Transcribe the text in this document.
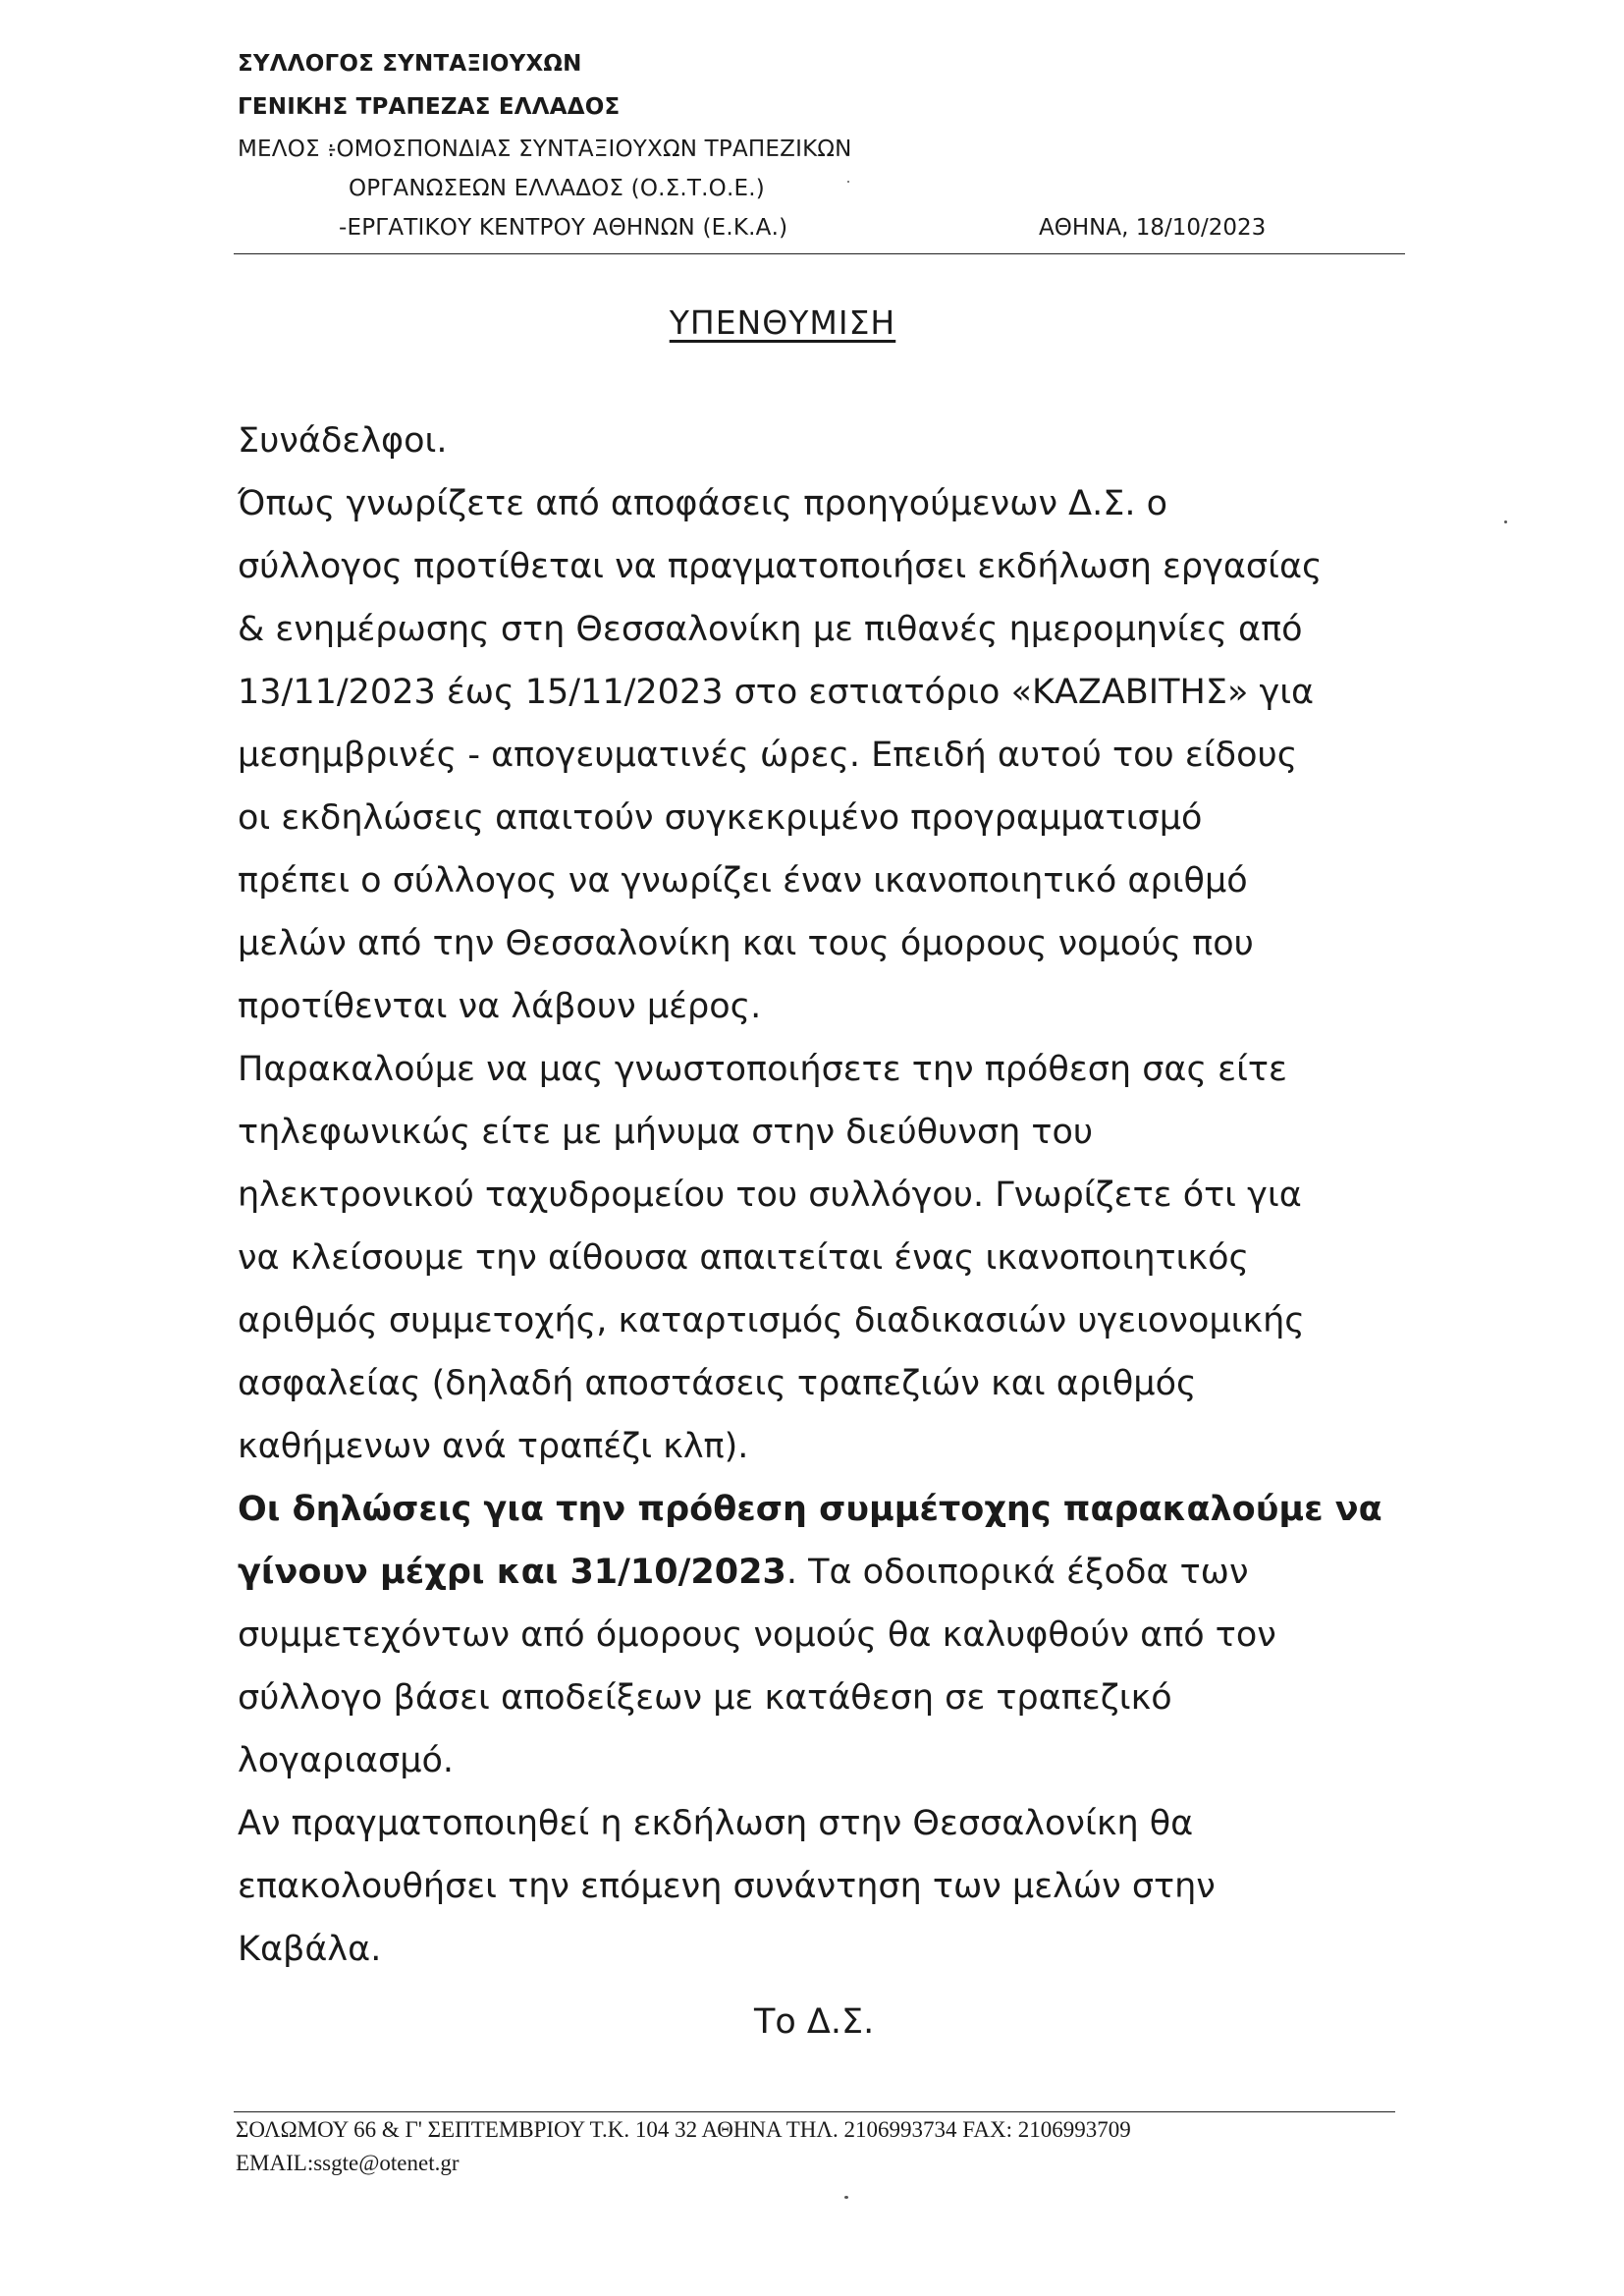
ΣΥΛΛΟΓΟΣ ΣΥΝΤΑΞΙΟΥΧΩΝ
ΓΕΝΙΚΗΣ ΤΡΑΠΕΖΑΣ ΕΛΛΑΔΟΣ
ΜΕΛΟΣ :
-ΟΜΟΣΠΟΝΔΙΑΣ ΣΥΝΤΑΞΙΟΥΧΩΝ ΤΡΑΠΕΖΙΚΩΝ
ΟΡΓΑΝΩΣΕΩΝ ΕΛΛΑΔΟΣ (Ο.Σ.Τ.Ο.Ε.)
-ΕΡΓΑΤΙΚΟΥ ΚΕΝΤΡΟΥ ΑΘΗΝΩΝ (Ε.Κ.Α.)	ΑΘΗΝΑ, 18/10/2023
ΥΠΕΝΘΥΜΙΣΗ
Συνάδελφοι.
Όπως γνωρίζετε από αποφάσεις προηγούμενων Δ.Σ. ο
σύλλογος προτίθεται να πραγματοποιήσει εκδήλωση εργασίας
& ενημέρωσης στη Θεσσαλονίκη με πιθανές ημερομηνίες από
13/11/2023 έως 15/11/2023 στο εστιατόριο «ΚΑΖΑΒΙΤΗΣ» για
μεσημβρινές - απογευματινές ώρες. Επειδή αυτού του είδους
οι εκδηλώσεις απαιτούν συγκεκριμένο προγραμματισμό
πρέπει ο σύλλογος να γνωρίζει έναν ικανοποιητικό αριθμό
μελών από την Θεσσαλονίκη και τους όμορους νομούς που
προτίθενται να λάβουν μέρος.
Παρακαλούμε να μας γνωστοποιήσετε την πρόθεση σας είτε
τηλεφωνικώς είτε με μήνυμα στην διεύθυνση του
ηλεκτρονικού ταχυδρομείου του συλλόγου. Γνωρίζετε ότι για
να κλείσουμε την αίθουσα απαιτείται ένας ικανοποιητικός
αριθμός συμμετοχής, καταρτισμός διαδικασιών υγειονομικής
ασφαλείας (δηλαδή αποστάσεις τραπεζιών και αριθμός
καθήμενων ανά τραπέζι κλπ).
Οι δηλώσεις για την πρόθεση συμμέτοχης παρακαλούμε να
γίνουν μέχρι και 31/10/2023. Τα οδοιπορικά έξοδα των
συμμετεχόντων από όμορους νομούς θα καλυφθούν από τον
σύλλογο βάσει αποδείξεων με κατάθεση σε τραπεζικό
λογαριασμό.
Αν πραγματοποιηθεί η εκδήλωση στην Θεσσαλονίκη θα
επακολουθήσει την επόμενη συνάντηση των μελών στην
Καβάλα.
Το Δ.Σ.
ΣΟΛΩΜΟΥ 66 & Γ' ΣΕΠΤΕΜΒΡΙΟΥ Τ.Κ. 104 32 ΑΘΗΝΑ ΤΗΛ. 2106993734 FAX: 2106993709
EMAIL:ssgte@otenet.gr
